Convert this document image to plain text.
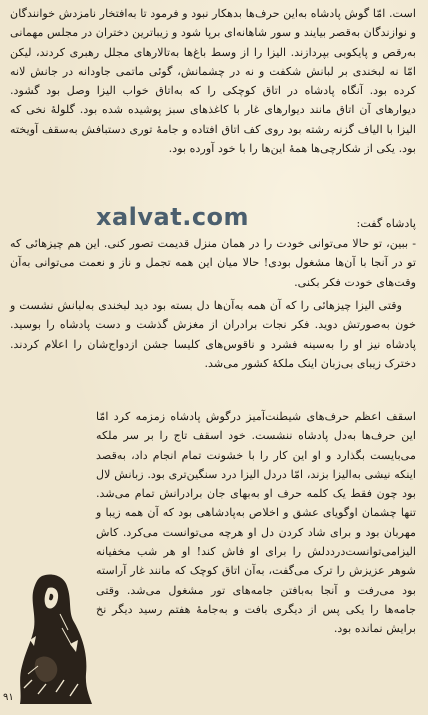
است. امّا گوش پادشاه به‌این حرف‌ها بدهکار نبود و فرمود تا به‌افتخار نامزدش خوانندگان و نوازندگان به‌قصر بیایند و سور شاهانه‌ای برپا شود و زیباترین دختران در مجلس مهمانی به‌رقص و پایکوبی بپردازند. الیزا را از وسط باغ‌ها به‌تالارهای مجلل رهبری کردند، لیکن امّا نه لبخندی بر لبانش شکفت و نه در چشمانش، گوئی ماتمی جاودانه در جانش لانه کرده بود. آنگاه پادشاه در اتاق کوچکی را که به‌اتاق خواب الیزا وصل بود گشود. دیوارهای آن اتاق مانند دیوارهای غار با کاغذهای سبز پوشیده شده بود. گلولهٔ نخی که الیزا با الیاف گزنه رشته بود روی کف اتاق افتاده و جامهٔ توری دستبافش به‌سقف آویخته بود. یکی از شکارچی‌ها همهٔ این‌ها را با خود آورده بود.

xalvat.com	پادشاه گفت:

- ببین، تو حالا می‌توانی خودت را در همان منزل قدیمت تصور کنی. این هم چیزهائی که تو در آنجا با آن‌ها مشغول بودی! حالا میان این همه تجمل و ناز و نعمت می‌توانی به‌آن وقت‌های خودت فکر بکنی.

وقتی الیزا چیزهائی را که آن همه به‌آن‌ها دل بسته بود دید لبخندی به‌لبانش نشست و خون به‌صورتش دوید. فکر نجات برادران از مغزش گذشت و دست پادشاه را بوسید. پادشاه نیز او را به‌سینه فشرد و ناقوس‌های کلیسا جشن ازدواج‌شان را اعلام کردند. دخترک زیبای بی‌زبان اینک ملکهٔ کشور می‌شد.

اسقف اعظم حرف‌های شیطنت‌آمیز درگوش پادشاه زمزمه کرد امّا این حرف‌ها به‌دل پادشاه ننشست. خود اسقف تاج را بر سر ملکه می‌بایست بگذارد و او این کار را با خشونت تمام انجام داد، به‌قصد اینکه نیشی به‌الیزا بزند، امّا دردل الیزا درد سنگین‌تری بود. زبانش لال بود چون فقط یک کلمه حرف او به‌بهای جان برادرانش تمام می‌شد. تنها چشمان اوگویای عشق و اخلاص به‌پادشاهی بود که آن همه زیبا و مهربان بود و برای شاد کردن دل او هرچه می‌توانست می‌کرد. کاش الیزامی‌توانست‌درددلش را برای او فاش کند! او هر شب مخفیانه شوهر عزیزش را ترک می‌گفت، به‌آن اتاق کوچک که مانند غار آراسته بود می‌رفت و آنجا به‌بافتن جامه‌های تور مشغول می‌شد. وقتی جامه‌ها را یکی پس از دیگری بافت و به‌جامهٔ هفتم رسید دیگر نخ برایش نمانده بود.

۹۱
